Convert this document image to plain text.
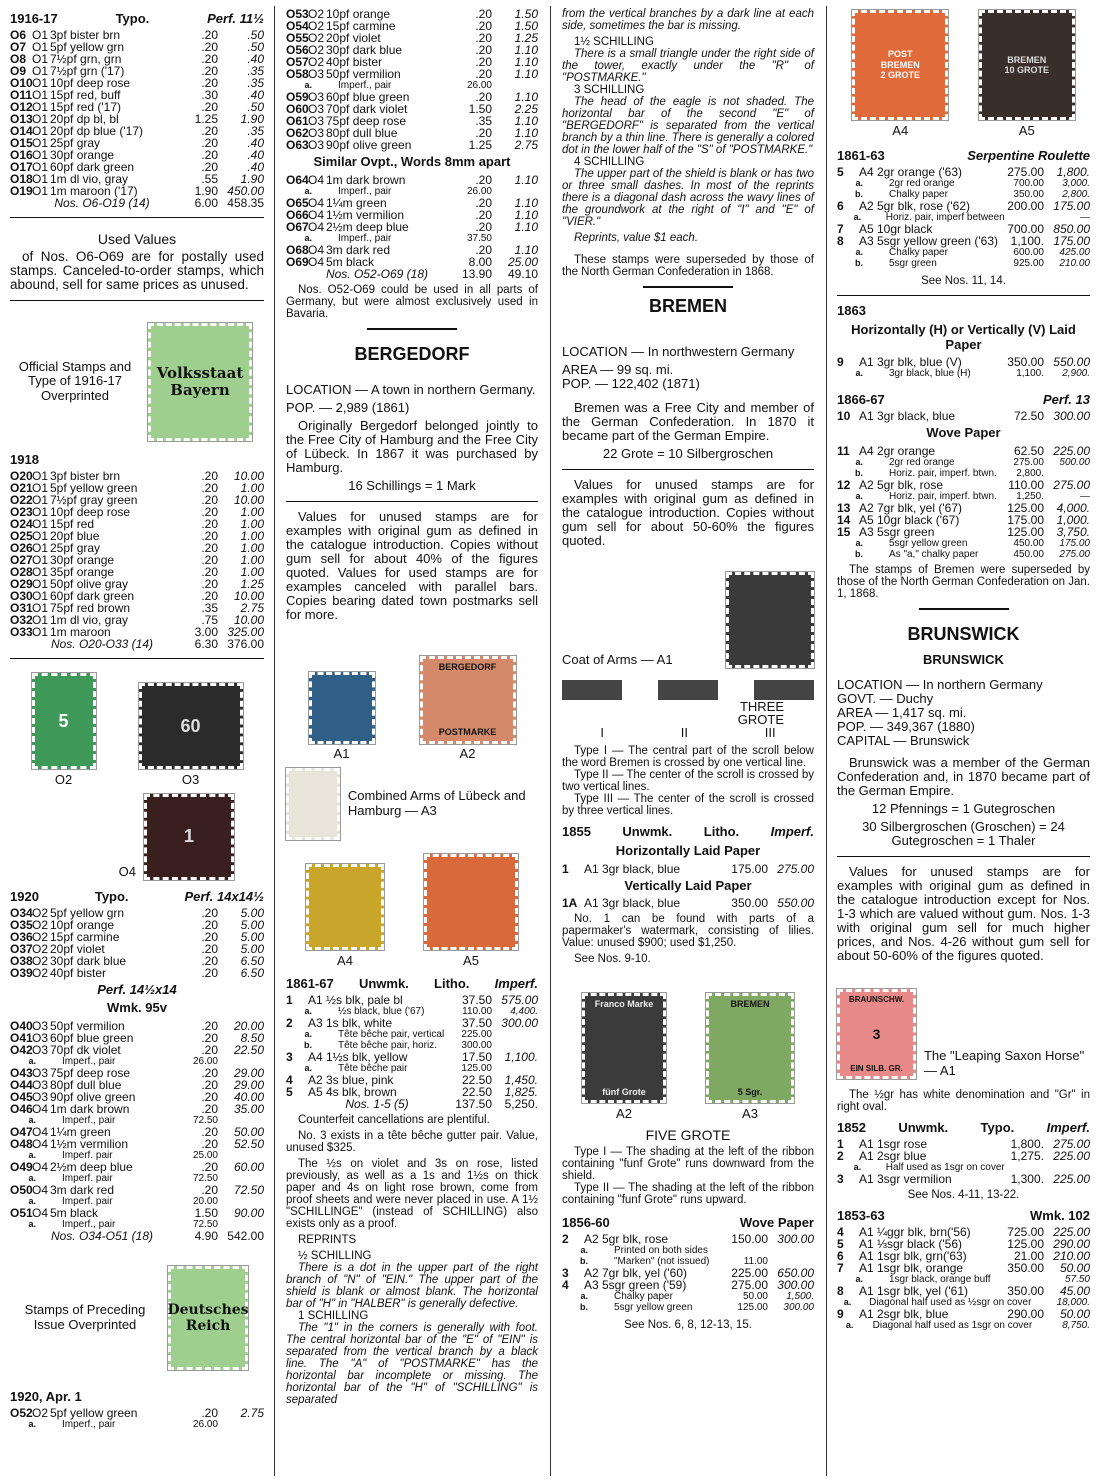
1916-17	Typo.	Perf. 11½
O6 O1 3pf bister brn	.20	.50
O7 O1 5pf yellow grn	.20	.50
O8 O1 7½pf grn, grn	.20	.40
O9 O1 7½pf grn ('17)	.20	.35
O10 O1 10pf deep rose	.20	.35
O11 O1 15pf red, buff	.30	.40
O12 O1 15pf red ('17)	.20	.50
O13 O1 20pf dp bl, bl	1.25	1.90
O14 O1 20pf dp blue ('17)	.20	.35
O15 O1 25pf gray	.20	.40
O16 O1 30pf orange	.20	.40
O17 O1 60pf dark green	.20	.40
O18 O1 1m dl vio, gray	.55	1.90
O19 O1 1m maroon ('17)	1.90 450.00
Nos. O6-O19 (14)	6.00 458.35
Used Values
of Nos. O6-O69 are for postally used stamps. Canceled-to-order stamps, which abound, sell for same prices as unused.
Official Stamps and Type of 1916-17 Overprinted
Volksstaat
Bayern
1918
O20 O1 3pf bister brn	.20	10.00
O21 O1 5pf yellow green	.20	1.00
O22 O1 7½pf gray green	.20	10.00
O23 O1 10pf deep rose	.20	1.00
O24 O1 15pf red	.20	1.00
O25 O1 20pf blue	.20	1.00
O26 O1 25pf gray	.20	1.00
O27 O1 30pf orange	.20	1.00
O28 O1 35pf orange	.20	1.00
O29 O1 50pf olive gray	.20	1.25
O30 O1 60pf dark green	.20	10.00
O31 O1 75pf red brown	.35	2.75
O32 O1 1m dl vio, gray	.75	10.00
O33 O1 1m maroon	3.00 325.00
Nos. O20-O33 (14)	6.30 376.00
5
O2
60
O3
O4
1
1920	Typo.	Perf. 14x14½
O34 O2 5pf yellow grn	.20	5.00
O35 O2 10pf orange	.20	5.00
O36 O2 15pf carmine	.20	5.00
O37 O2 20pf violet	.20	5.00
O38 O2 30pf dark blue	.20	6.50
O39 O2 40pf bister	.20	6.50
Perf. 14½x14
Wmk. 95v
O40 O3 50pf vermilion	.20	20.00
O41 O3 60pf blue green	.20	8.50
O42 O3 70pf dk violet	.20	22.50
a.	Imperf., pair	26.00
O43 O3 75pf deep rose	.20	29.00
O44 O3 80pf dull blue	.20	29.00
O45 O3 90pf olive green	.20	40.00
O46 O4 1m dark brown	.20	35.00
a.	Imperf., pair	72.50
O47 O4 1¼m green	.20	50.00
O48 O4 1½m vermilion	.20	52.50
a.	Imperf. pair	25.00
O49 O4 2½m deep blue	.20	60.00
a.	Imperf. pair	72.50
O50 O4 3m dark red	.20	72.50
a.	Imperf. pair	20.00
O51 O4 5m black	1.50	90.00
a.	Imperf., pair	72.50
Nos. O34-O51 (18)	4.90 542.00
Stamps of Preceding Issue Overprinted
Deutsches
Reich
1920, Apr. 1
O52 O2 5pf yellow green	.20	2.75
a.	Imperf., pair	26.00
O53 O2 10pf orange	.20	1.50
O54 O2 15pf carmine	.20	1.50
O55 O2 20pf violet	.20	1.25
O56 O2 30pf dark blue	.20	1.10
O57 O2 40pf bister	.20	1.10
O58 O3 50pf vermilion	.20	1.10
a.	Imperf., pair	26.00
O59 O3 60pf blue green	.20	1.10
O60 O3 70pf dark violet	1.50	2.25
O61 O3 75pf deep rose	.35	1.10
O62 O3 80pf dull blue	.20	1.10
O63 O3 90pf olive green	1.25	2.75
Similar Ovpt., Words 8mm apart
O64 O4 1m dark brown	.20	1.10
a.	Imperf., pair	26.00
O65 O4 1¼m green	.20	1.10
O66 O4 1½m vermilion	.20	1.10
O67 O4 2½m deep blue	.20	1.10
a.	Imperf., pair	37.50
O68 O4 3m dark red	.20	1.10
O69 O4 5m black	8.00	25.00
Nos. O52-O69 (18)	13.90	49.10
Nos. O52-O69 could be used in all parts of Germany, but were almost exclusively used in Bavaria.
BERGEDORF
LOCATION — A town in northern Germany.
POP. — 2,989 (1861)
Originally Bergedorf belonged jointly to the Free City of Hamburg and the Free City of Lübeck. In 1867 it was purchased by Hamburg.
16 Schillings = 1 Mark
Values for unused stamps are for examples with original gum as defined in the catalogue introduction. Copies without gum sell for about 40% of the figures quoted. Values for used stamps are for examples canceled with parallel bars. Copies bearing dated town postmarks sell for more.
A1
BERGEDORF
POSTMARKE
A2
Combined Arms of Lübeck and Hamburg — A3
A4	A5
1861-67 Unwmk. Litho. Imperf.
1	A1 ½s blk, pale bl	37.50 575.00
a.	½s black, blue ('67)	110.00	4,400.
2	A3 1s blk, white	37.50 300.00
a.	Tête bêche pair, vertical	225.00
b.	Tête bêche pair, horiz.	300.00
3	A4 1½s blk, yellow	17.50	1,100.
a.	Tête bêche pair	125.00
4	A2 3s blue, pink	22.50	1,450.
5	A5 4s blk, brown	22.50	1,825.
Nos. 1-5 (5)	137.50	5,250.
Counterfeit cancellations are plentiful.
No. 3 exists in a tête bêche gutter pair. Value, unused $325.
The ½s on violet and 3s on rose, listed previously, as well as a 1s and 1½s on thick paper and 4s on light rose brown, come from proof sheets and were never placed in use. A 1½ "SCHILLINGE" (instead of SCHILLING) also exists only as a proof.
REPRINTS
½ SCHILLING
There is a dot in the upper part of the right branch of "N" of "EIN." The upper part of the shield is blank or almost blank. The horizontal bar of "H" in "HALBER" is generally defective.
1 SCHILLING
The "1" in the corners is generally with foot. The central horizontal bar of the "E" of "EIN" is separated from the vertical branch by a black line. The "A" of "POSTMARKE" has the horizontal bar incomplete or missing. The horizontal bar of the "H" of "SCHILLING" is separated
from the vertical branches by a dark line at each side, sometimes the bar is missing.
1½ SCHILLING
There is a small triangle under the right side of the tower, exactly under the "R" of "POSTMARKE."
3 SCHILLING
The head of the eagle is not shaded. The horizontal bar of the second "E" of "BERGEDORF" is separated from the vertical branch by a thin line. There is generally a colored dot in the lower half of the "S" of "POSTMARKE."
4 SCHILLING
The upper part of the shield is blank or has two or three small dashes. In most of the reprints there is a diagonal dash across the wavy lines of the groundwork at the right of "I" and "E" of "VIER."
Reprints, value $1 each.
These stamps were superseded by those of the North German Confederation in 1868.
BREMEN
LOCATION — In northwestern Germany
AREA — 99 sq. mi.
POP. — 122,402 (1871)
Bremen was a Free City and member of the German Confederation. In 1870 it became part of the German Empire.
22 Grote = 10 Silbergroschen
Values for unused stamps are for examples with original gum as defined in the catalogue introduction. Copies without gum sell for about 50-60% the figures quoted.
Coat of Arms — A1
THREE
GROTE
I	II	III
Type I — The central part of the scroll below the word Bremen is crossed by one vertical line.
Type II — The center of the scroll is crossed by two vertical lines.
Type III — The center of the scroll is crossed by three vertical lines.
1855 Unwmk. Litho. Imperf.
Horizontally Laid Paper
1	A1 3gr black, blue	175.00 275.00
Vertically Laid Paper
1A A1 3gr black, blue	350.00 550.00
No. 1 can be found with parts of a papermaker's watermark, consisting of lilies. Value: unused $900; used $1,250.
See Nos. 9-10.
Franco Marke
fünf Grote
A2
BREMEN
5 Sgr.
A3
FIVE GROTE
Type I — The shading at the left of the ribbon containing "funf Grote" runs downward from the shield.
Type II — The shading at the left of the ribbon containing "funf Grote" runs upward.
1856-60	Wove Paper
2	A2 5gr blk, rose	150.00 300.00
a.	Printed on both sides
b.	"Marken" (not issued)	11.00
3	A2 7gr blk, yel ('60)	225.00 650.00
4	A3 5sgr green ('59)	275.00 300.00
a.	Chalky paper	50.00	1,500.
b.	5sgr yellow green	125.00	300.00
See Nos. 6, 8, 12-13, 15.
POST
BREMEN
2 GROTE
A4
BREMEN
10 GROTE
A5
1861-63	Serpentine Roulette
5	A4 2gr orange ('63)	275.00	1,800.
a.	2gr red orange	700.00	3,000.
b.	Chalky paper	350.00	2,800.
6	A2 5gr blk, rose ('62)	200.00 175.00
a.	Horiz. pair, imperf between	—
7	A5 10gr black	700.00 850.00
8	A3 5sgr yellow green ('63)	1,100. 175.00
a.	Chalky paper	600.00	425.00
b.	5sgr green	925.00	210.00
See Nos. 11, 14.
1863
Horizontally (H) or Vertically (V) Laid Paper
9	A1 3gr blk, blue (V)	350.00 550.00
a.	3gr black, blue (H)	1,100.	2,900.
1866-67	Perf. 13
10 A1 3gr black, blue	72.50 300.00
Wove Paper
11 A4 2gr orange	62.50 225.00
a.	2gr red orange	275.00	500.00
b.	Horiz. pair, imperf. btwn.	2,800.
12 A2 5gr blk, rose	110.00 275.00
a.	Horiz. pair, imperf. btwn.	1,250.	—
13 A2 7gr blk, yel ('67)	125.00	4,000.
14 A5 10gr black ('67)	175.00	1,000.
15 A3 5sgr green	125.00	3,750.
a.	5sgr yellow green	450.00	175.00
b.	As "a," chalky paper	450.00	275.00
The stamps of Bremen were superseded by those of the North German Confederation on Jan. 1, 1868.
BRUNSWICK
BRUNSWICK
LOCATION — In northern Germany
GOVT. — Duchy
AREA — 1,417 sq. mi.
POP. — 349,367 (1880)
CAPITAL — Brunswick
Brunswick was a member of the German Confederation and, in 1870 became part of the German Empire.
12 Pfennings = 1 Gutegroschen
30 Silbergroschen (Groschen) = 24 Gutegroschen = 1 Thaler
Values for unused stamps are for examples with original gum as defined in the catalogue introduction except for Nos. 1-3 which are valued without gum. Nos. 1-3 with original gum sell for much higher prices, and Nos. 4-26 without gum sell for about 50-60% of the figures quoted.
BRAUNSCHW.
3
EIN SILB. GR.
The "Leaping Saxon Horse" — A1
The ½gr has white denomination and "Gr" in right oval.
1852 Unwmk. Typo. Imperf.
1	A1 1sgr rose	1,800. 275.00
2	A1 2sgr blue	1,275. 225.00
a.	Half used as 1sgr on cover
3	A1 3sgr vermilion	1,300. 225.00
See Nos. 4-11, 13-22.
1853-63	Wmk. 102
4	A1 ¼ggr blk, brn('56)	725.00 225.00
5	A1 ⅓sgr black ('56)	125.00 290.00
6	A1 1sgr blk, grn('63)	21.00 210.00
7	A1 1sgr blk, orange	350.00	50.00
a.	1sgr black, orange buff	57.50
8	A1 1sgr blk, yel ('61)	350.00	45.00
a.	Diagonal half used as ½sgr on cover	18,000.
9	A1 2sgr blk, blue	290.00	50.00
a.	Diagonal half used as 1sgr on cover	8,750.
